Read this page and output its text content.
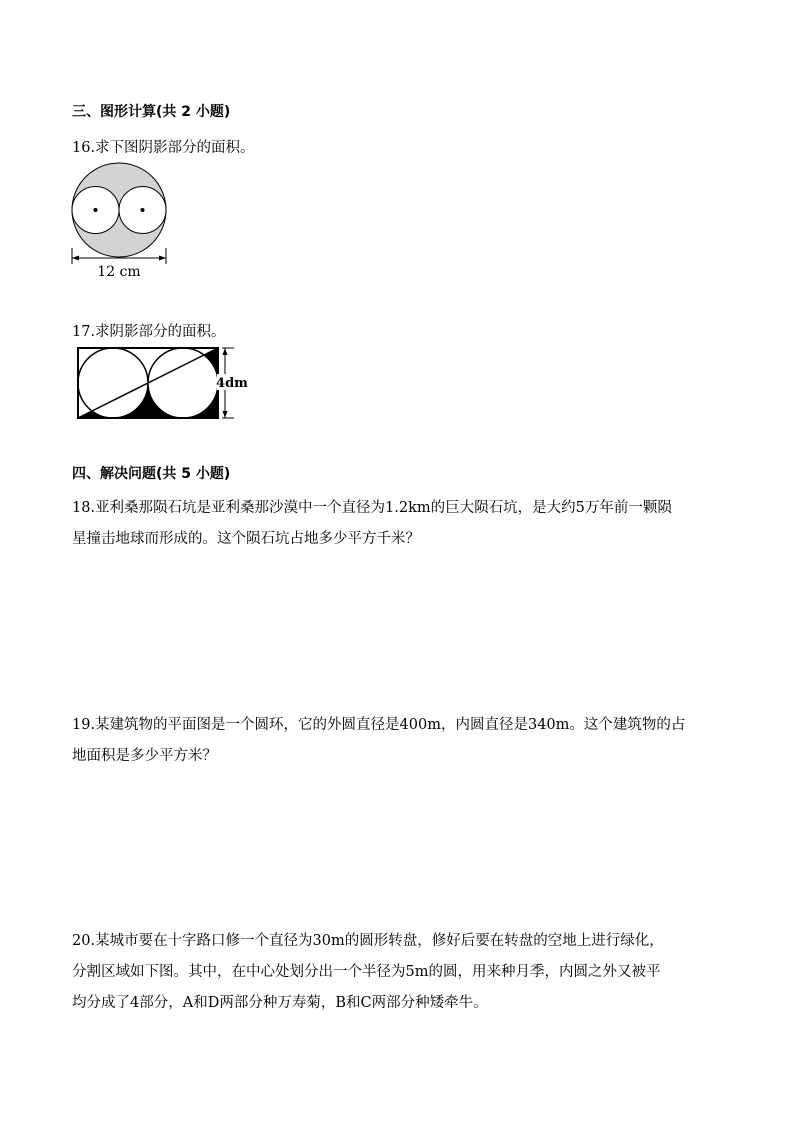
三、图形计算(共 2 小题)
16.求下图阴影部分的面积。
12 cm
17.求阴影部分的面积。
4dm
四、解决问题(共 5 小题)
18.亚利桑那陨石坑是亚利桑那沙漠中一个直径为1.2km的巨大陨石坑，是大约5万年前一颗陨
星撞击地球而形成的。这个陨石坑占地多少平方千米？
19.某建筑物的平面图是一个圆环，它的外圆直径是400m，内圆直径是340m。这个建筑物的占
地面积是多少平方米？
20.某城市要在十字路口修一个直径为30m的圆形转盘，修好后要在转盘的空地上进行绿化，
分割区域如下图。其中，在中心处划分出一个半径为5m的圆，用来种月季，内圆之外又被平
均分成了4部分，A和D两部分种万寿菊，B和C两部分种矮牵牛。
